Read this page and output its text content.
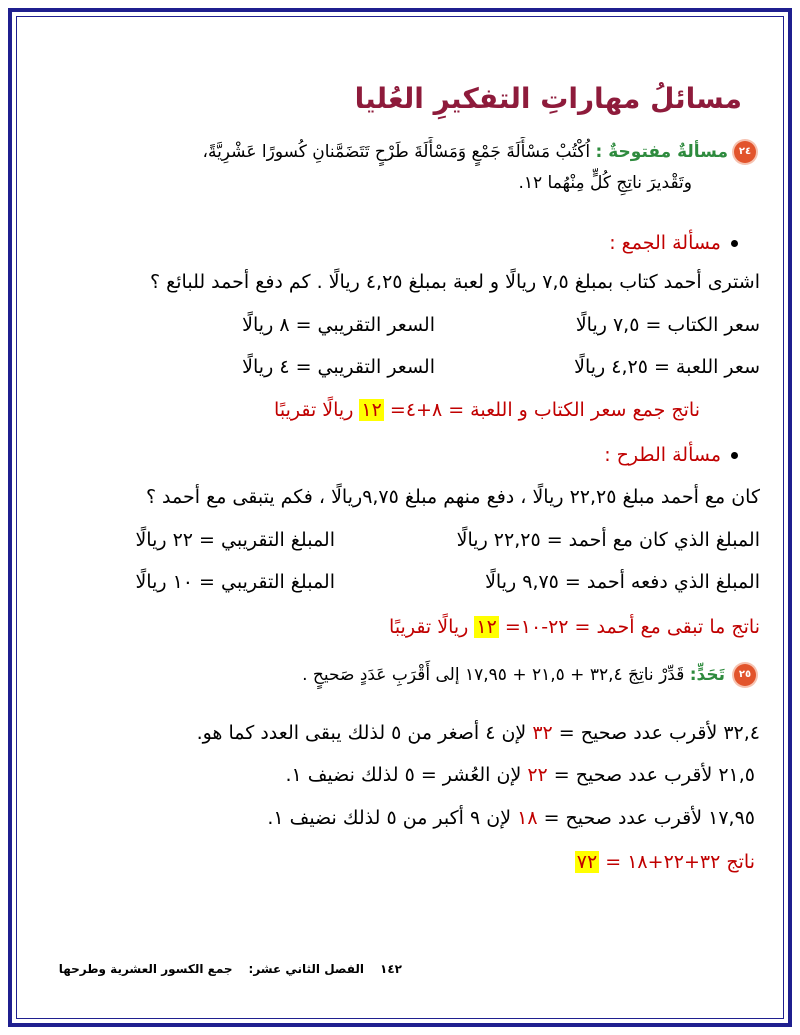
مسائلُ مهاراتِ التفكيرِ العُليا
٢٤
مسألةٌ مفتوحةٌ : اُكْتُبْ مَسْأَلَةَ جَمْعٍ وَمَسْأَلَةَ طَرْحٍ تَتَضَمَّنانِ كُسورًا عَشْرِيَّةً،
وتَقْديرَ ناتِجِ كُلٍّ مِنْهُما ١٢.
مسألة الجمع :
اشترى أحمد كتاب بمبلغ ٧,٥ ريالًا و لعبة بمبلغ ٤,٢٥ ريالًا . كم دفع أحمد للبائع ؟
سعر الكتاب = ٧,٥ ريالًا
السعر التقريبي = ٨ ريالًا
سعر اللعبة = ٤,٢٥ ريالًا
السعر التقريبي = ٤ ريالًا
ناتج جمع سعر الكتاب و اللعبة = ٨+٤= ١٢ ريالًا تقريبًا
مسألة الطرح :
كان مع أحمد مبلغ ٢٢,٢٥ ريالًا ، دفع منهم مبلغ ٩,٧٥ريالًا ، فكم يتبقى مع أحمد ؟
المبلغ الذي كان مع أحمد = ٢٢,٢٥ ريالًا
المبلغ التقريبي = ٢٢ ريالًا
المبلغ الذي دفعه أحمد = ٩,٧٥ ريالًا
المبلغ التقريبي = ١٠ ريالًا
ناتج ما تبقى مع أحمد = ٢٢-١٠= ١٢ ريالًا تقريبًا
٢٥
تَحَدٍّ: قَدِّرْ ناتِجَ ٣٢,٤ + ٢١,٥ + ١٧,٩٥ إلى أَقْرَبِ عَدَدٍ صَحيحٍ .
٣٢,٤ لأقرب عدد صحيح = ٣٢ لإن ٤ أصغر من ٥ لذلك يبقى العدد كما هو.
٢١,٥ لأقرب عدد صحيح = ٢٢ لإن العُشر = ٥ لذلك نضيف ١.
١٧,٩٥ لأقرب عدد صحيح = ١٨ لإن ٩ أكبر من ٥ لذلك نضيف ١.
ناتج ٣٢+٢٢+١٨ = ٧٢
١٤٢الفصل الثاني عشر:جمع الكسور العشرية وطرحها
